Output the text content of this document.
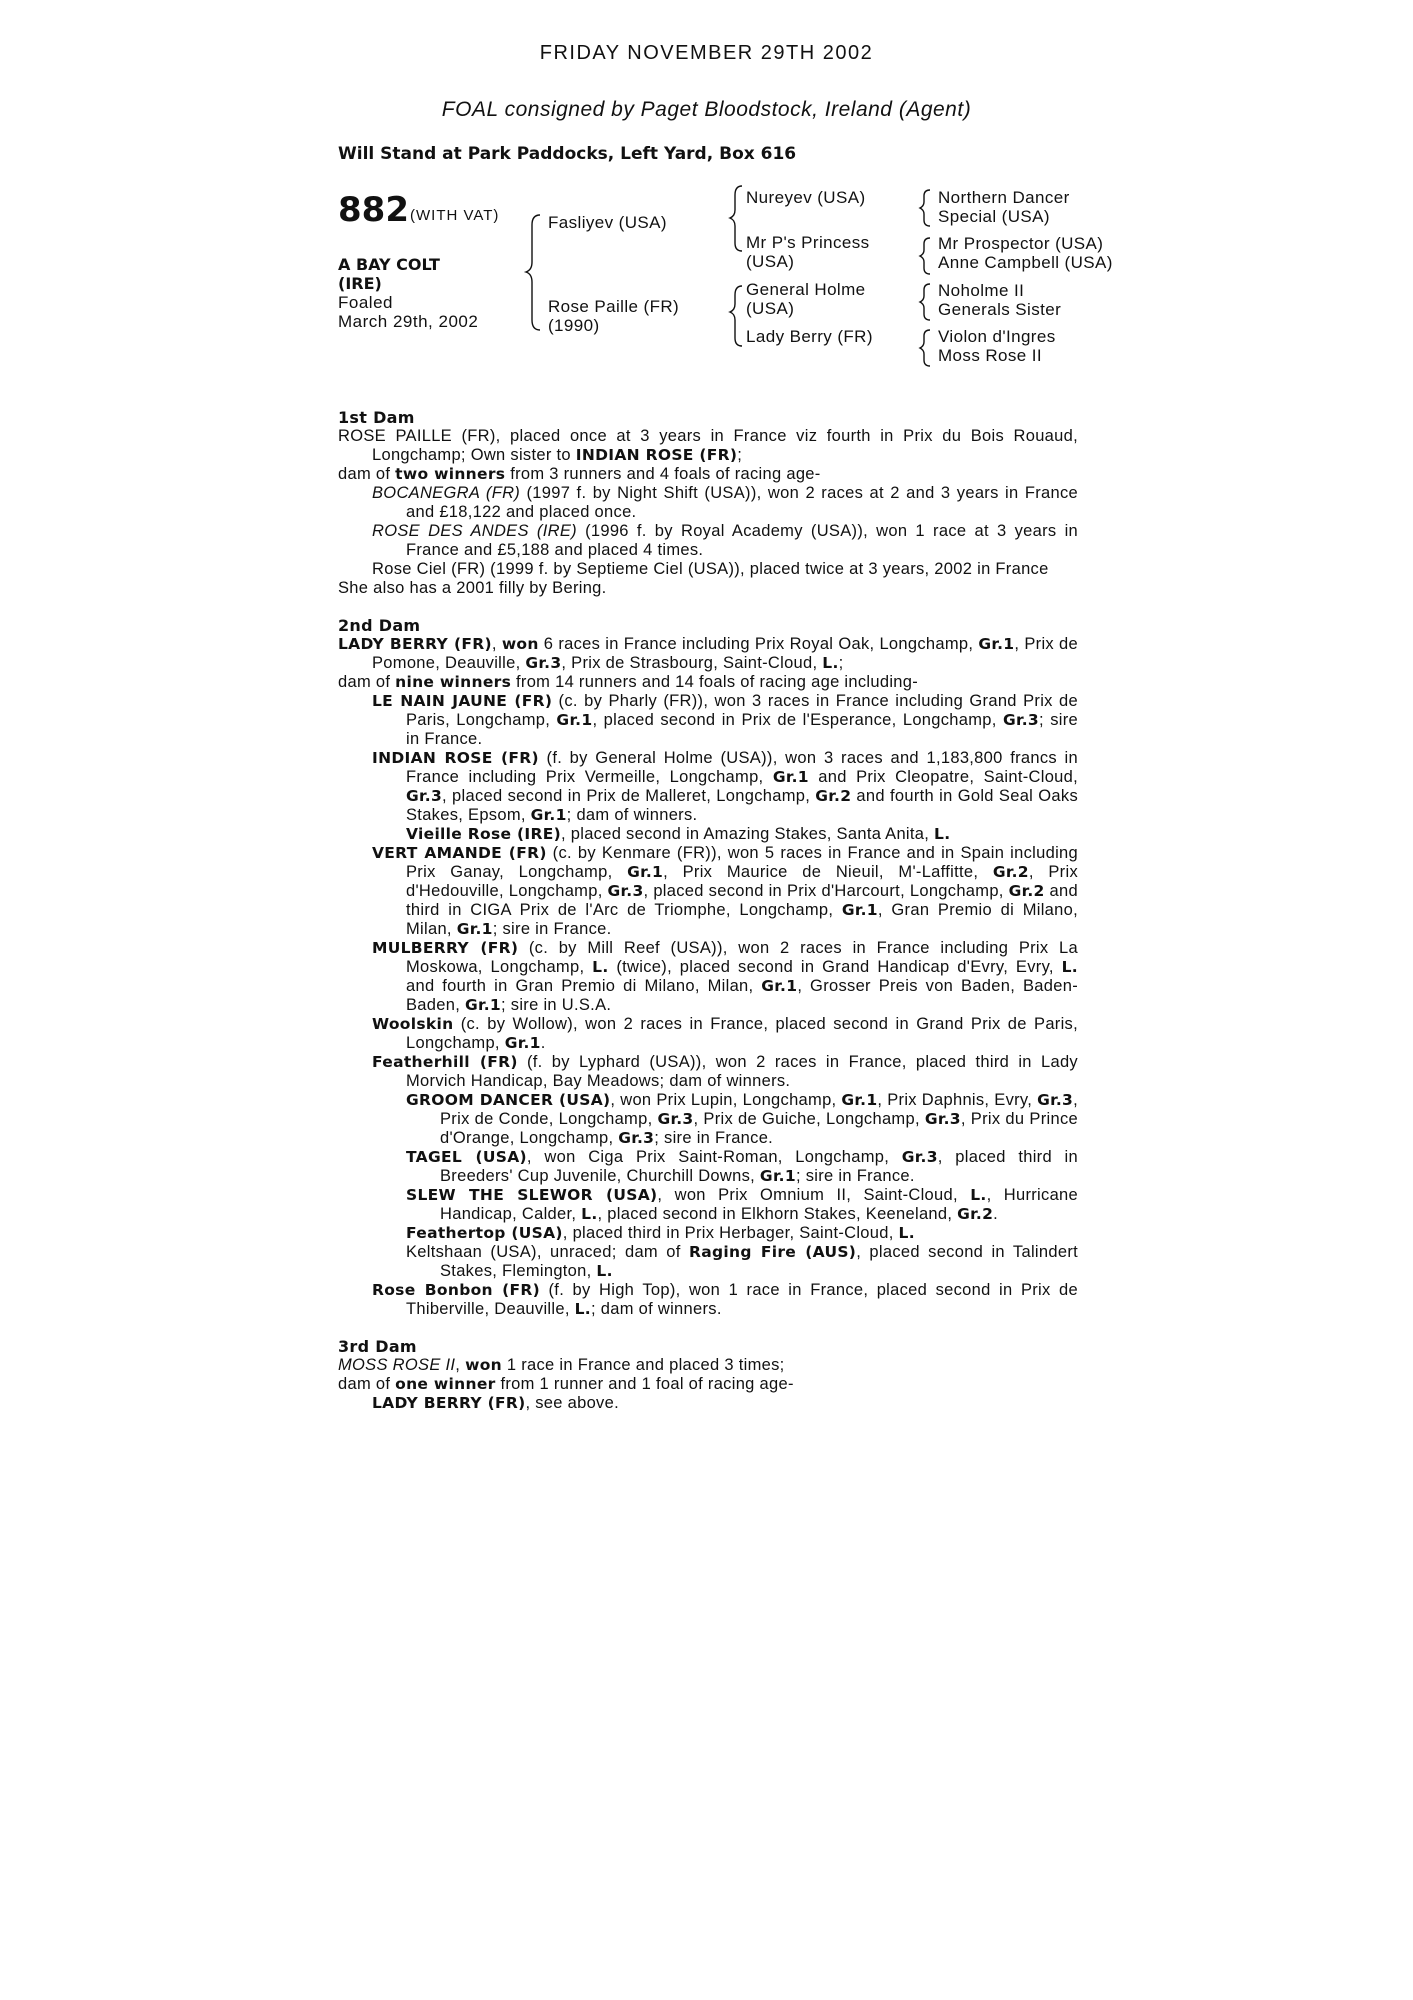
FRIDAY NOVEMBER 29TH 2002
FOAL consigned by Paget Bloodstock, Ireland (Agent)
Will Stand at Park Paddocks, Left Yard, Box 616
882 (WITH VAT)
A BAY COLT
(IRE)
Foaled
March 29th, 2002
Fasliyev (USA)
Rose Paille (FR)
(1990)
Nureyev (USA)
Mr P's Princess
(USA)
General Holme
(USA)
Lady Berry (FR)
Northern Dancer
Special (USA)
Mr Prospector (USA)
Anne Campbell (USA)
Noholme II
Generals Sister
Violon d'Ingres
Moss Rose II
1st Dam
ROSE PAILLE (FR), placed once at 3 years in France viz fourth in Prix du Bois Rouaud, Longchamp; Own sister to INDIAN ROSE (FR);
dam of two winners from 3 runners and 4 foals of racing age-
BOCANEGRA (FR) (1997 f. by Night Shift (USA)), won 2 races at 2 and 3 years in France and £18,122 and placed once.
ROSE DES ANDES (IRE) (1996 f. by Royal Academy (USA)), won 1 race at 3 years in France and £5,188 and placed 4 times.
Rose Ciel (FR) (1999 f. by Septieme Ciel (USA)), placed twice at 3 years, 2002 in France
She also has a 2001 filly by Bering.
2nd Dam
LADY BERRY (FR), won 6 races in France including Prix Royal Oak, Longchamp, Gr.1, Prix de Pomone, Deauville, Gr.3, Prix de Strasbourg, Saint-Cloud, L.;
dam of nine winners from 14 runners and 14 foals of racing age including-
LE NAIN JAUNE (FR) (c. by Pharly (FR)), won 3 races in France including Grand Prix de Paris, Longchamp, Gr.1, placed second in Prix de l'Esperance, Longchamp, Gr.3; sire in France.
INDIAN ROSE (FR) (f. by General Holme (USA)), won 3 races and 1,183,800 francs in France including Prix Vermeille, Longchamp, Gr.1 and Prix Cleopatre, Saint-Cloud, Gr.3, placed second in Prix de Malleret, Longchamp, Gr.2 and fourth in Gold Seal Oaks Stakes, Epsom, Gr.1; dam of winners.
Vieille Rose (IRE), placed second in Amazing Stakes, Santa Anita, L.
VERT AMANDE (FR) (c. by Kenmare (FR)), won 5 races in France and in Spain including Prix Ganay, Longchamp, Gr.1, Prix Maurice de Nieuil, M'-Laffitte, Gr.2, Prix d'Hedouville, Longchamp, Gr.3, placed second in Prix d'Harcourt, Longchamp, Gr.2 and third in CIGA Prix de l'Arc de Triomphe, Longchamp, Gr.1, Gran Premio di Milano, Milan, Gr.1; sire in France.
MULBERRY (FR) (c. by Mill Reef (USA)), won 2 races in France including Prix La Moskowa, Longchamp, L. (twice), placed second in Grand Handicap d'Evry, Evry, L. and fourth in Gran Premio di Milano, Milan, Gr.1, Grosser Preis von Baden, Baden-Baden, Gr.1; sire in U.S.A.
Woolskin (c. by Wollow), won 2 races in France, placed second in Grand Prix de Paris, Longchamp, Gr.1.
Featherhill (FR) (f. by Lyphard (USA)), won 2 races in France, placed third in Lady Morvich Handicap, Bay Meadows; dam of winners.
GROOM DANCER (USA), won Prix Lupin, Longchamp, Gr.1, Prix Daphnis, Evry, Gr.3, Prix de Conde, Longchamp, Gr.3, Prix de Guiche, Longchamp, Gr.3, Prix du Prince d'Orange, Longchamp, Gr.3; sire in France.
TAGEL (USA), won Ciga Prix Saint-Roman, Longchamp, Gr.3, placed third in Breeders' Cup Juvenile, Churchill Downs, Gr.1; sire in France.
SLEW THE SLEWOR (USA), won Prix Omnium II, Saint-Cloud, L., Hurricane Handicap, Calder, L., placed second in Elkhorn Stakes, Keeneland, Gr.2.
Feathertop (USA), placed third in Prix Herbager, Saint-Cloud, L.
Keltshaan (USA), unraced; dam of Raging Fire (AUS), placed second in Talindert Stakes, Flemington, L.
Rose Bonbon (FR) (f. by High Top), won 1 race in France, placed second in Prix de Thiberville, Deauville, L.; dam of winners.
3rd Dam
MOSS ROSE II, won 1 race in France and placed 3 times;
dam of one winner from 1 runner and 1 foal of racing age-
LADY BERRY (FR), see above.
